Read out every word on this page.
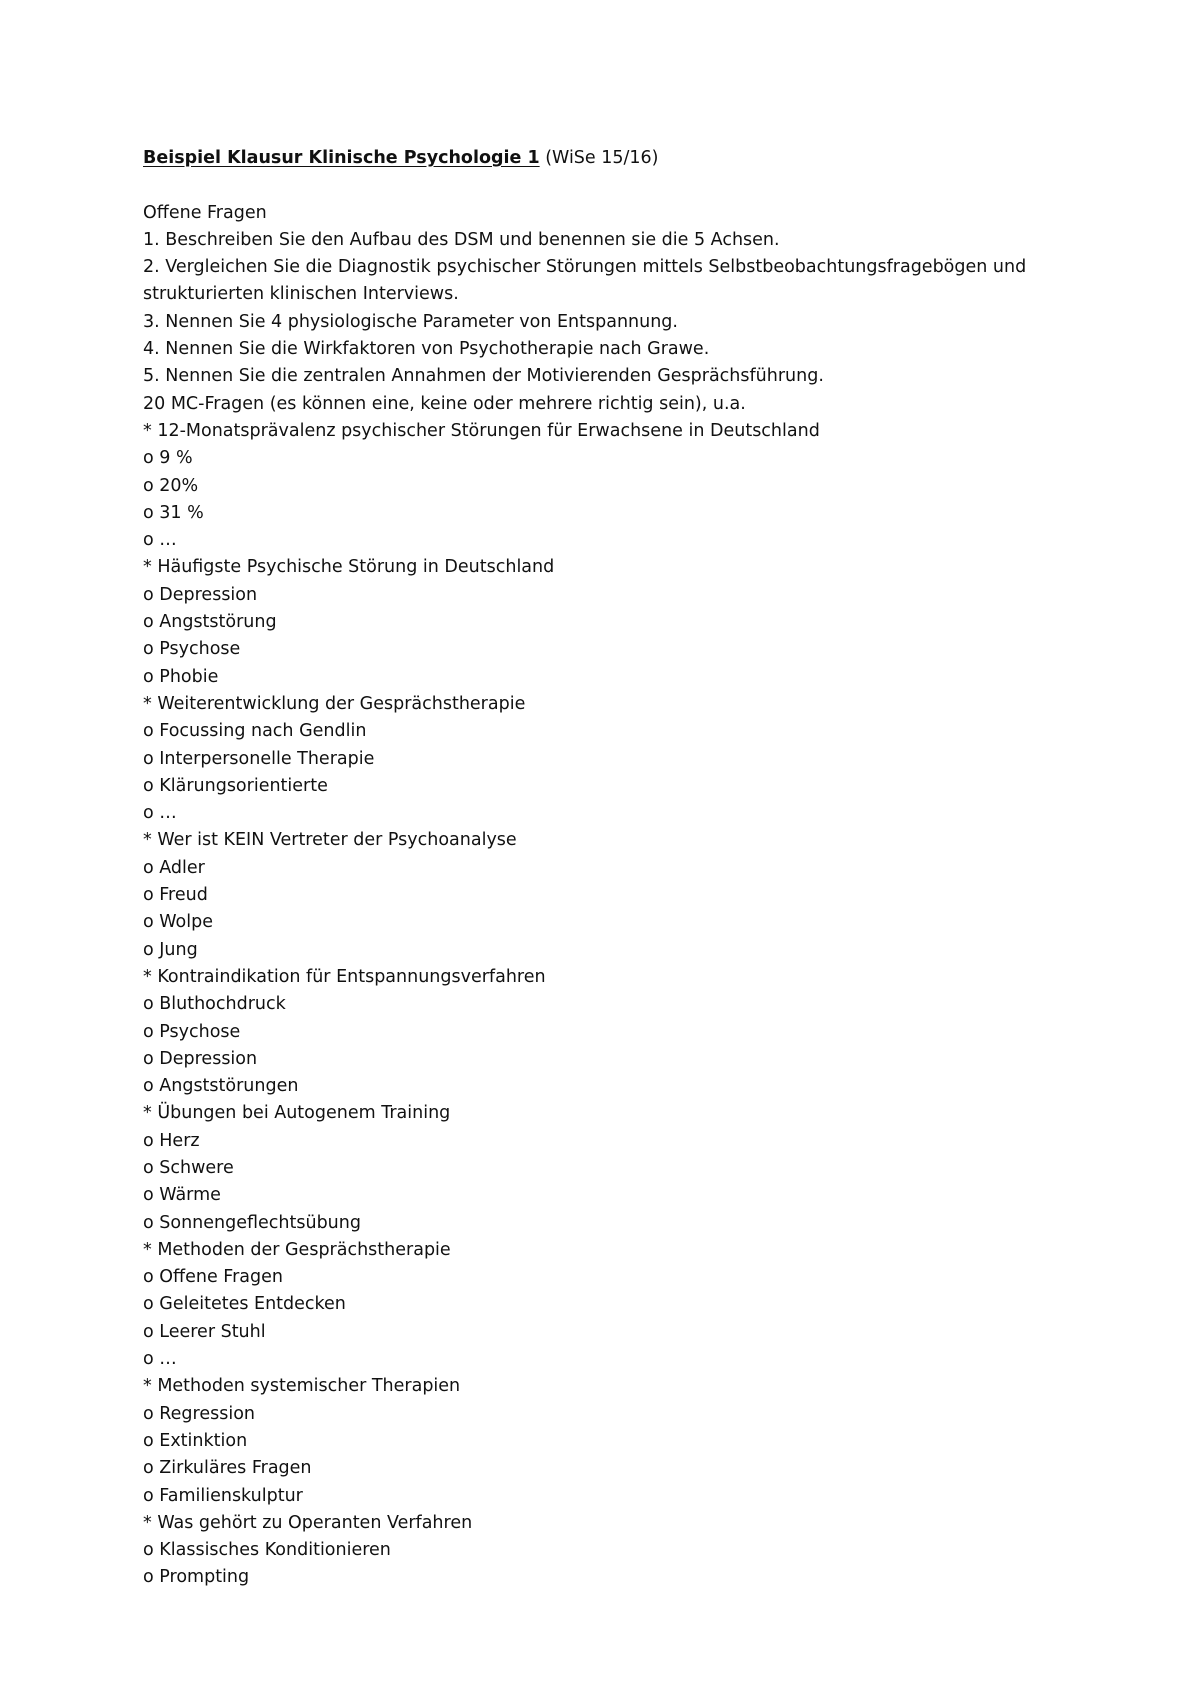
Beispiel Klausur Klinische Psychologie 1 (WiSe 15/16)

Offene Fragen

1. Beschreiben Sie den Aufbau des DSM und benennen sie die 5 Achsen.

2. Vergleichen Sie die Diagnostik psychischer Störungen mittels Selbstbeobachtungsfragebögen und strukturierten klinischen Interviews.

3. Nennen Sie 4 physiologische Parameter von Entspannung.

4. Nennen Sie die Wirkfaktoren von Psychotherapie nach Grawe.

5. Nennen Sie die zentralen Annahmen der Motivierenden Gesprächsführung.

20 MC-Fragen (es können eine, keine oder mehrere richtig sein), u.a.

* 12-Monatsprävalenz psychischer Störungen für Erwachsene in Deutschland

o 9 %

o 20%

o 31 %

o …

* Häufigste Psychische Störung in Deutschland

o Depression

o Angststörung

o Psychose

o Phobie

* Weiterentwicklung der Gesprächstherapie

o Focussing nach Gendlin

o Interpersonelle Therapie

o Klärungsorientierte

o …

* Wer ist KEIN Vertreter der Psychoanalyse

o Adler

o Freud

o Wolpe

o Jung

* Kontraindikation für Entspannungsverfahren

o Bluthochdruck

o Psychose

o Depression

o Angststörungen

* Übungen bei Autogenem Training

o Herz

o Schwere

o Wärme

o Sonnengeflechtsübung

* Methoden der Gesprächstherapie

o Offene Fragen

o Geleitetes Entdecken

o Leerer Stuhl

o …

* Methoden systemischer Therapien

o Regression

o Extinktion

o Zirkuläres Fragen

o Familienskulptur

* Was gehört zu Operanten Verfahren

o Klassisches Konditionieren

o Prompting
